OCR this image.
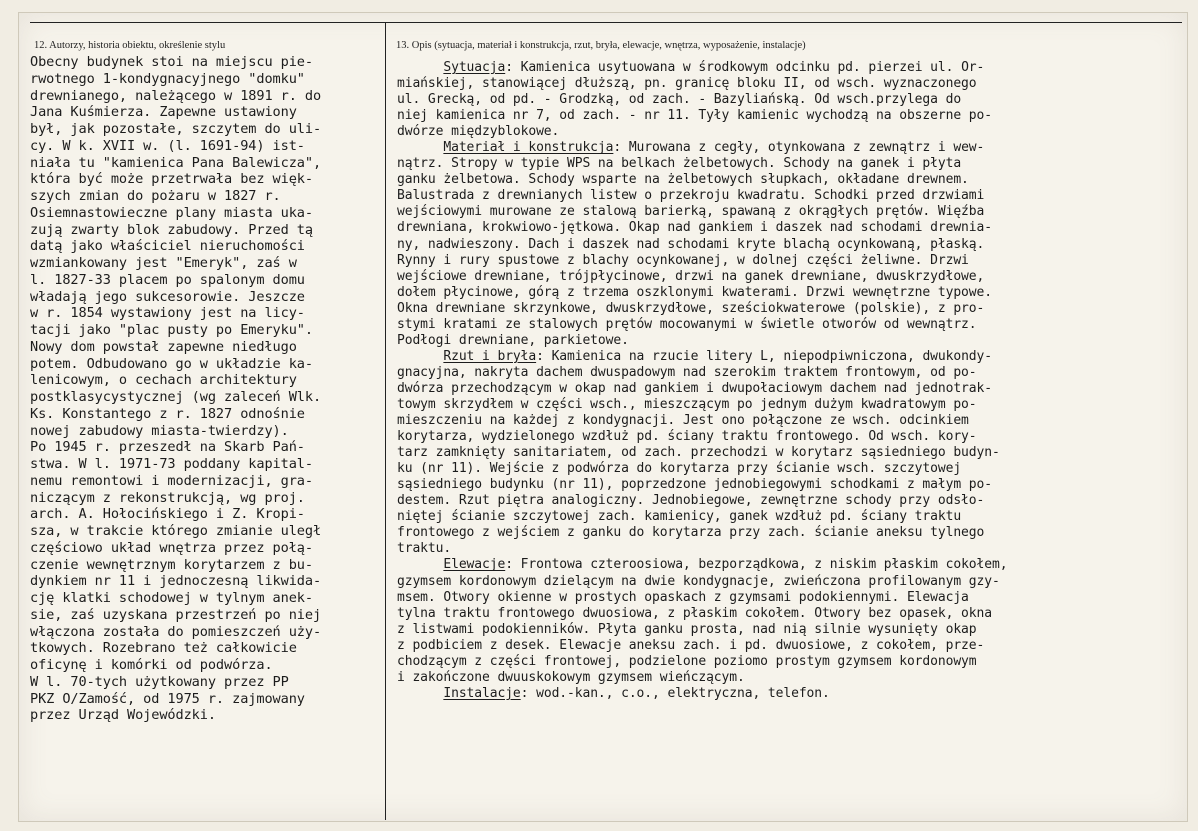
12. Autorzy, historia obiektu, określenie stylu	13. Opis (sytuacja, materiał i konstrukcja, rzut, bryła, elewacje, wnętrza, wyposażenie, instalacje)
Obecny budynek stoi na miejscu pie-
rwotnego 1-kondygnacyjnego "domku"
drewnianego, należącego w 1891 r. do
Jana Kuśmierza. Zapewne ustawiony
był, jak pozostałe, szczytem do uli-
cy. W k. XVII w. (l. 1691-94) ist-
niała tu "kamienica Pana Balewicza",
która być może przetrwała bez więk-
szych zmian do pożaru w 1827 r.
Osiemnastowieczne plany miasta uka-
zują zwarty blok zabudowy. Przed tą
datą jako właściciel nieruchomości
wzmiankowany jest "Emeryk", zaś w
l. 1827-33 placem po spalonym domu
władają jego sukcesorowie. Jeszcze
w r. 1854 wystawiony jest na licy-
tacji jako "plac pusty po Emeryku".
Nowy dom powstał zapewne niedługo
potem. Odbudowano go w układzie ka-
lenicowym, o cechach architektury
postklasycystycznej (wg zaleceń Wlk.
Ks. Konstantego z r. 1827 odnośnie
nowej zabudowy miasta-twierdzy).
Po 1945 r. przeszedł na Skarb Pań-
stwa. W l. 1971-73 poddany kapital-
nemu remontowi i modernizacji, gra-
niczącym z rekonstrukcją, wg proj.
arch. A. Hołocińskiego i Z. Kropi-
sza, w trakcie którego zmianie uległ
częściowo układ wnętrza przez połą-
czenie wewnętrznym korytarzem z bu-
dynkiem nr 11 i jednoczesną likwida-
cję klatki schodowej w tylnym anek-
sie, zaś uzyskana przestrzeń po niej
włączona została do pomieszczeń uży-
tkowych. Rozebrano też całkowicie
oficynę i komórki od podwórza.
W l. 70-tych użytkowany przez PP
PKZ O/Zamość, od 1975 r. zajmowany
przez Urząd Wojewódzki.
Sytuacja: Kamienica usytuowana w środkowym odcinku pd. pierzei ul. Or-
miańskiej, stanowiącej dłuższą, pn. granicę bloku II, od wsch. wyznaczonego
ul. Grecką, od pd. - Grodzką, od zach. - Bazyliańską. Od wsch.przylega do
niej kamienica nr 7, od zach. - nr 11. Tyły kamienic wychodzą na obszerne po-
dwórze międzyblokowe.
Materiał i konstrukcja: Murowana z cegły, otynkowana z zewnątrz i wew-
nątrz. Stropy w typie WPS na belkach żelbetowych. Schody na ganek i płyta
ganku żelbetowa. Schody wsparte na żelbetowych słupkach, okładane drewnem.
Balustrada z drewnianych listew o przekroju kwadratu. Schodki przed drzwiami
wejściowymi murowane ze stalową barierką, spawaną z okrągłych prętów. Więźba
drewniana, krokwiowo-jętkowa. Okap nad gankiem i daszek nad schodami drewnia-
ny, nadwieszony. Dach i daszek nad schodami kryte blachą ocynkowaną, płaską.
Rynny i rury spustowe z blachy ocynkowanej, w dolnej części żeliwne. Drzwi
wejściowe drewniane, trójpłycinowe, drzwi na ganek drewniane, dwuskrzydłowe,
dołem płycinowe, górą z trzema oszklonymi kwaterami. Drzwi wewnętrzne typowe.
Okna drewniane skrzynkowe, dwuskrzydłowe, sześciokwaterowe (polskie), z pro-
stymi kratami ze stalowych prętów mocowanymi w świetle otworów od wewnątrz.
Podłogi drewniane, parkietowe.
Rzut i bryła: Kamienica na rzucie litery L, niepodpiwniczona, dwukondy-
gnacyjna, nakryta dachem dwuspadowym nad szerokim traktem frontowym, od po-
dwórza przechodzącym w okap nad gankiem i dwupołaciowym dachem nad jednotrak-
towym skrzydłem w części wsch., mieszczącym po jednym dużym kwadratowym po-
mieszczeniu na każdej z kondygnacji. Jest ono połączone ze wsch. odcinkiem
korytarza, wydzielonego wzdłuż pd. ściany traktu frontowego. Od wsch. kory-
tarz zamknięty sanitariatem, od zach. przechodzi w korytarz sąsiedniego budyn-
ku (nr 11). Wejście z podwórza do korytarza przy ścianie wsch. szczytowej
sąsiedniego budynku (nr 11), poprzedzone jednobiegowymi schodkami z małym po-
destem. Rzut piętra analogiczny. Jednobiegowe, zewnętrzne schody przy odsło-
niętej ścianie szczytowej zach. kamienicy, ganek wzdłuż pd. ściany traktu
frontowego z wejściem z ganku do korytarza przy zach. ścianie aneksu tylnego
traktu.
Elewacje: Frontowa czteroosiowa, bezporządkowa, z niskim płaskim cokołem,
gzymsem kordonowym dzielącym na dwie kondygnacje, zwieńczona profilowanym gzy-
msem. Otwory okienne w prostych opaskach z gzymsami podokiennymi. Elewacja
tylna traktu frontowego dwuosiowa, z płaskim cokołem. Otwory bez opasek, okna
z listwami podokienników. Płyta ganku prosta, nad nią silnie wysunięty okap
z podbiciem z desek. Elewacje aneksu zach. i pd. dwuosiowe, z cokołem, prze-
chodzącym z części frontowej, podzielone poziomo prostym gzymsem kordonowym
i zakończone dwuuskokowym gzymsem wieńczącym.
Instalacje: wod.-kan., c.o., elektryczna, telefon.
